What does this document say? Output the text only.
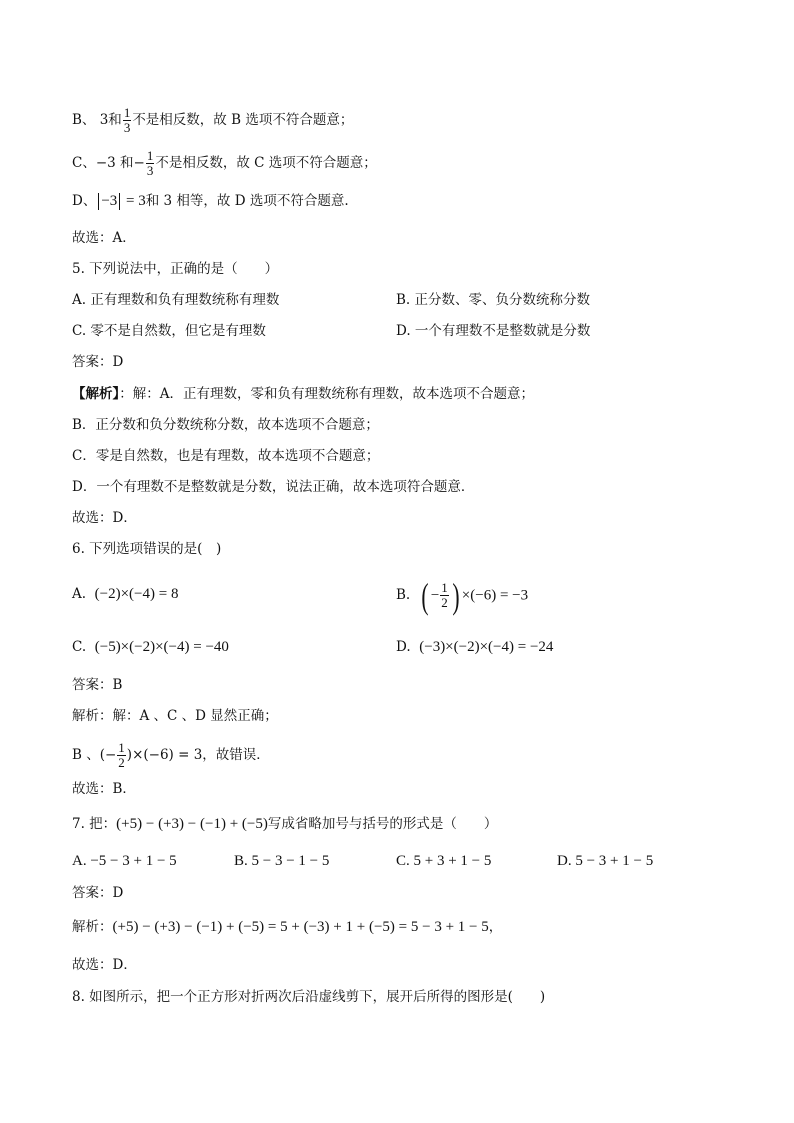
B、 3和 $\frac{1}{3}$ 不是相反数，故 B 选项不符合题意；
C、−3 和− $\frac{1}{3}$ 不是相反数，故 C 选项不符合题意；
D、 −3 = 3和 3 相等，故 D 选项不符合题意.
故选：A．
5. 下列说法中，正确的是（　　）
A. 正有理数和负有理数统称有理数	B. 正分数、零、负分数统称分数
C. 零不是自然数，但它是有理数	D. 一个有理数不是整数就是分数
答案：D
【解析】：解：A．正有理数，零和负有理数统称有理数，故本选项不合题意；
B．正分数和负分数统称分数，故本选项不合题意；
C．零是自然数，也是有理数，故本选项不合题意；
D．一个有理数不是整数就是分数，说法正确，故本选项符合题意．
故选：D．
6. 下列选项错误的是(　)
A. (−2)×(−4) = 8	B. ( − $\frac{1}{2}$ ) ×(−6) = −3
C. (−5)×(−2)×(−4) = −40	D. (−3)×(−2)×(−4) = −24
答案：B
解析：解：A 、C 、D 显然正确；
B 、(− $\frac{1}{2} )\times(-6) = 3$，故错误．
故选：B．
7. 把：(+5) − (+3) − (−1) + (−5)写成省略加号与括号的形式是（　　）
A. −5 − 3 + 1 − 5	B. 5 − 3 − 1 − 5	C. 5 + 3 + 1 − 5	D. 5 − 3 + 1 − 5
答案：D
解析：(+5) − (+3) − (−1) + (−5) = 5 + (−3) + 1 + (−5) = 5 − 3 + 1 − 5，
故选：D．
8. 如图所示，把一个正方形对折两次后沿虚线剪下，展开后所得的图形是(　　)
